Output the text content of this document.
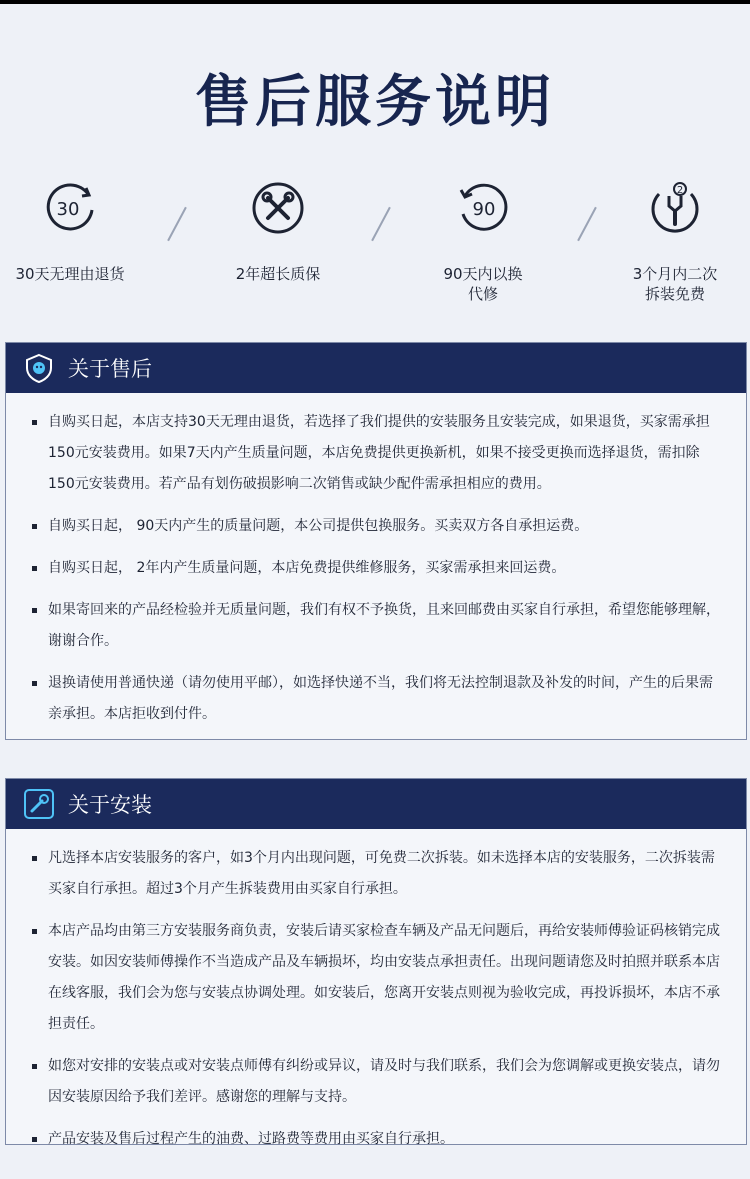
售后服务说明
30
30天无理由退货	2年超长质保
90
90天内以换
代修
2
3个月内二次
拆装免费
关于售后
自购买日起，本店支持30天无理由退货，若选择了我们提供的安装服务且安装完成，如果退货，买家需承担150元安装费用。如果7天内产生质量问题，本店免费提供更换新机，如果不接受更换而选择退货，需扣除150元安装费用。若产品有划伤破损影响二次销售或缺少配件需承担相应的费用。
自购买日起， 90天内产生的质量问题，本公司提供包换服务。买卖双方各自承担运费。
自购买日起， 2年内产生质量问题，本店免费提供维修服务，买家需承担来回运费。
如果寄回来的产品经检验并无质量问题，我们有权不予换货，且来回邮费由买家自行承担，希望您能够理解，谢谢合作。
退换请使用普通快递（请勿使用平邮），如选择快递不当，我们将无法控制退款及补发的时间，产生的后果需亲承担。本店拒收到付件。
关于安装
凡选择本店安装服务的客户，如3个月内出现问题，可免费二次拆装。如未选择本店的安装服务，二次拆装需买家自行承担。超过3个月产生拆装费用由买家自行承担。
本店产品均由第三方安装服务商负责，安装后请买家检查车辆及产品无问题后，再给安装师傅验证码核销完成安装。如因安装师傅操作不当造成产品及车辆损坏，均由安装点承担责任。出现问题请您及时拍照并联系本店在线客服，我们会为您与安装点协调处理。如安装后，您离开安装点则视为验收完成，再投诉损坏，本店不承担责任。
如您对安排的安装点或对安装点师傅有纠纷或异议，请及时与我们联系，我们会为您调解或更换安装点，请勿因安装原因给予我们差评。感谢您的理解与支持。
产品安装及售后过程产生的油费、过路费等费用由买家自行承担。
